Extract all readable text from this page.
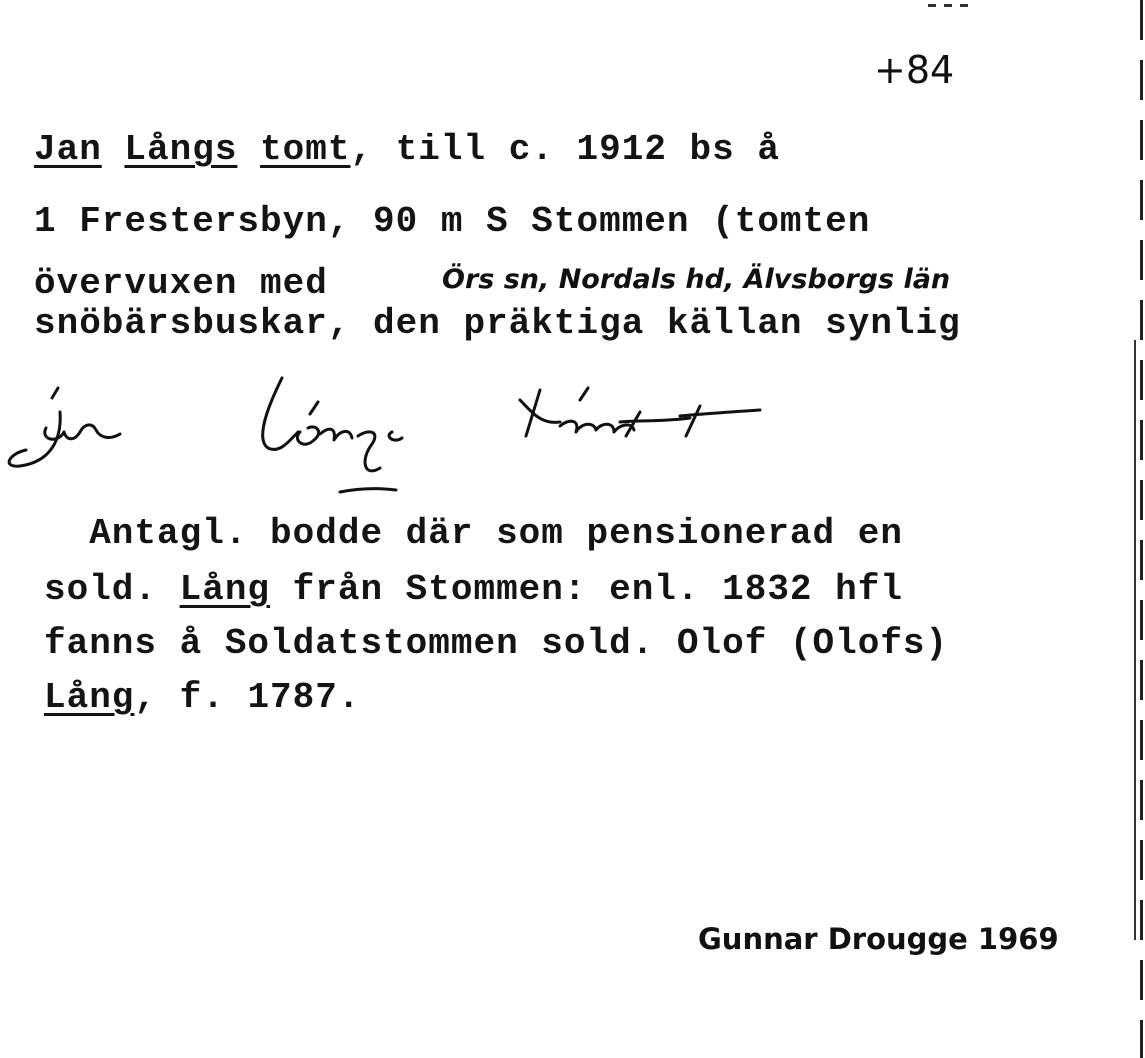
+84
Jan Långs tomt, till c. 1912 bs å
1 Frestersbyn, 90 m S Stommen (tomten
övervuxen med
snöbärsbuskar, den präktiga källan synlig
Örs sn, Nordals hd, Älvsborgs län
Antagl. bodde där som pensionerad en
sold. Lång från Stommen: enl. 1832 hfl
fanns å Soldatstommen sold. Olof (Olofs)
Lång, f. 1787.
Gunnar Drougge 1969
